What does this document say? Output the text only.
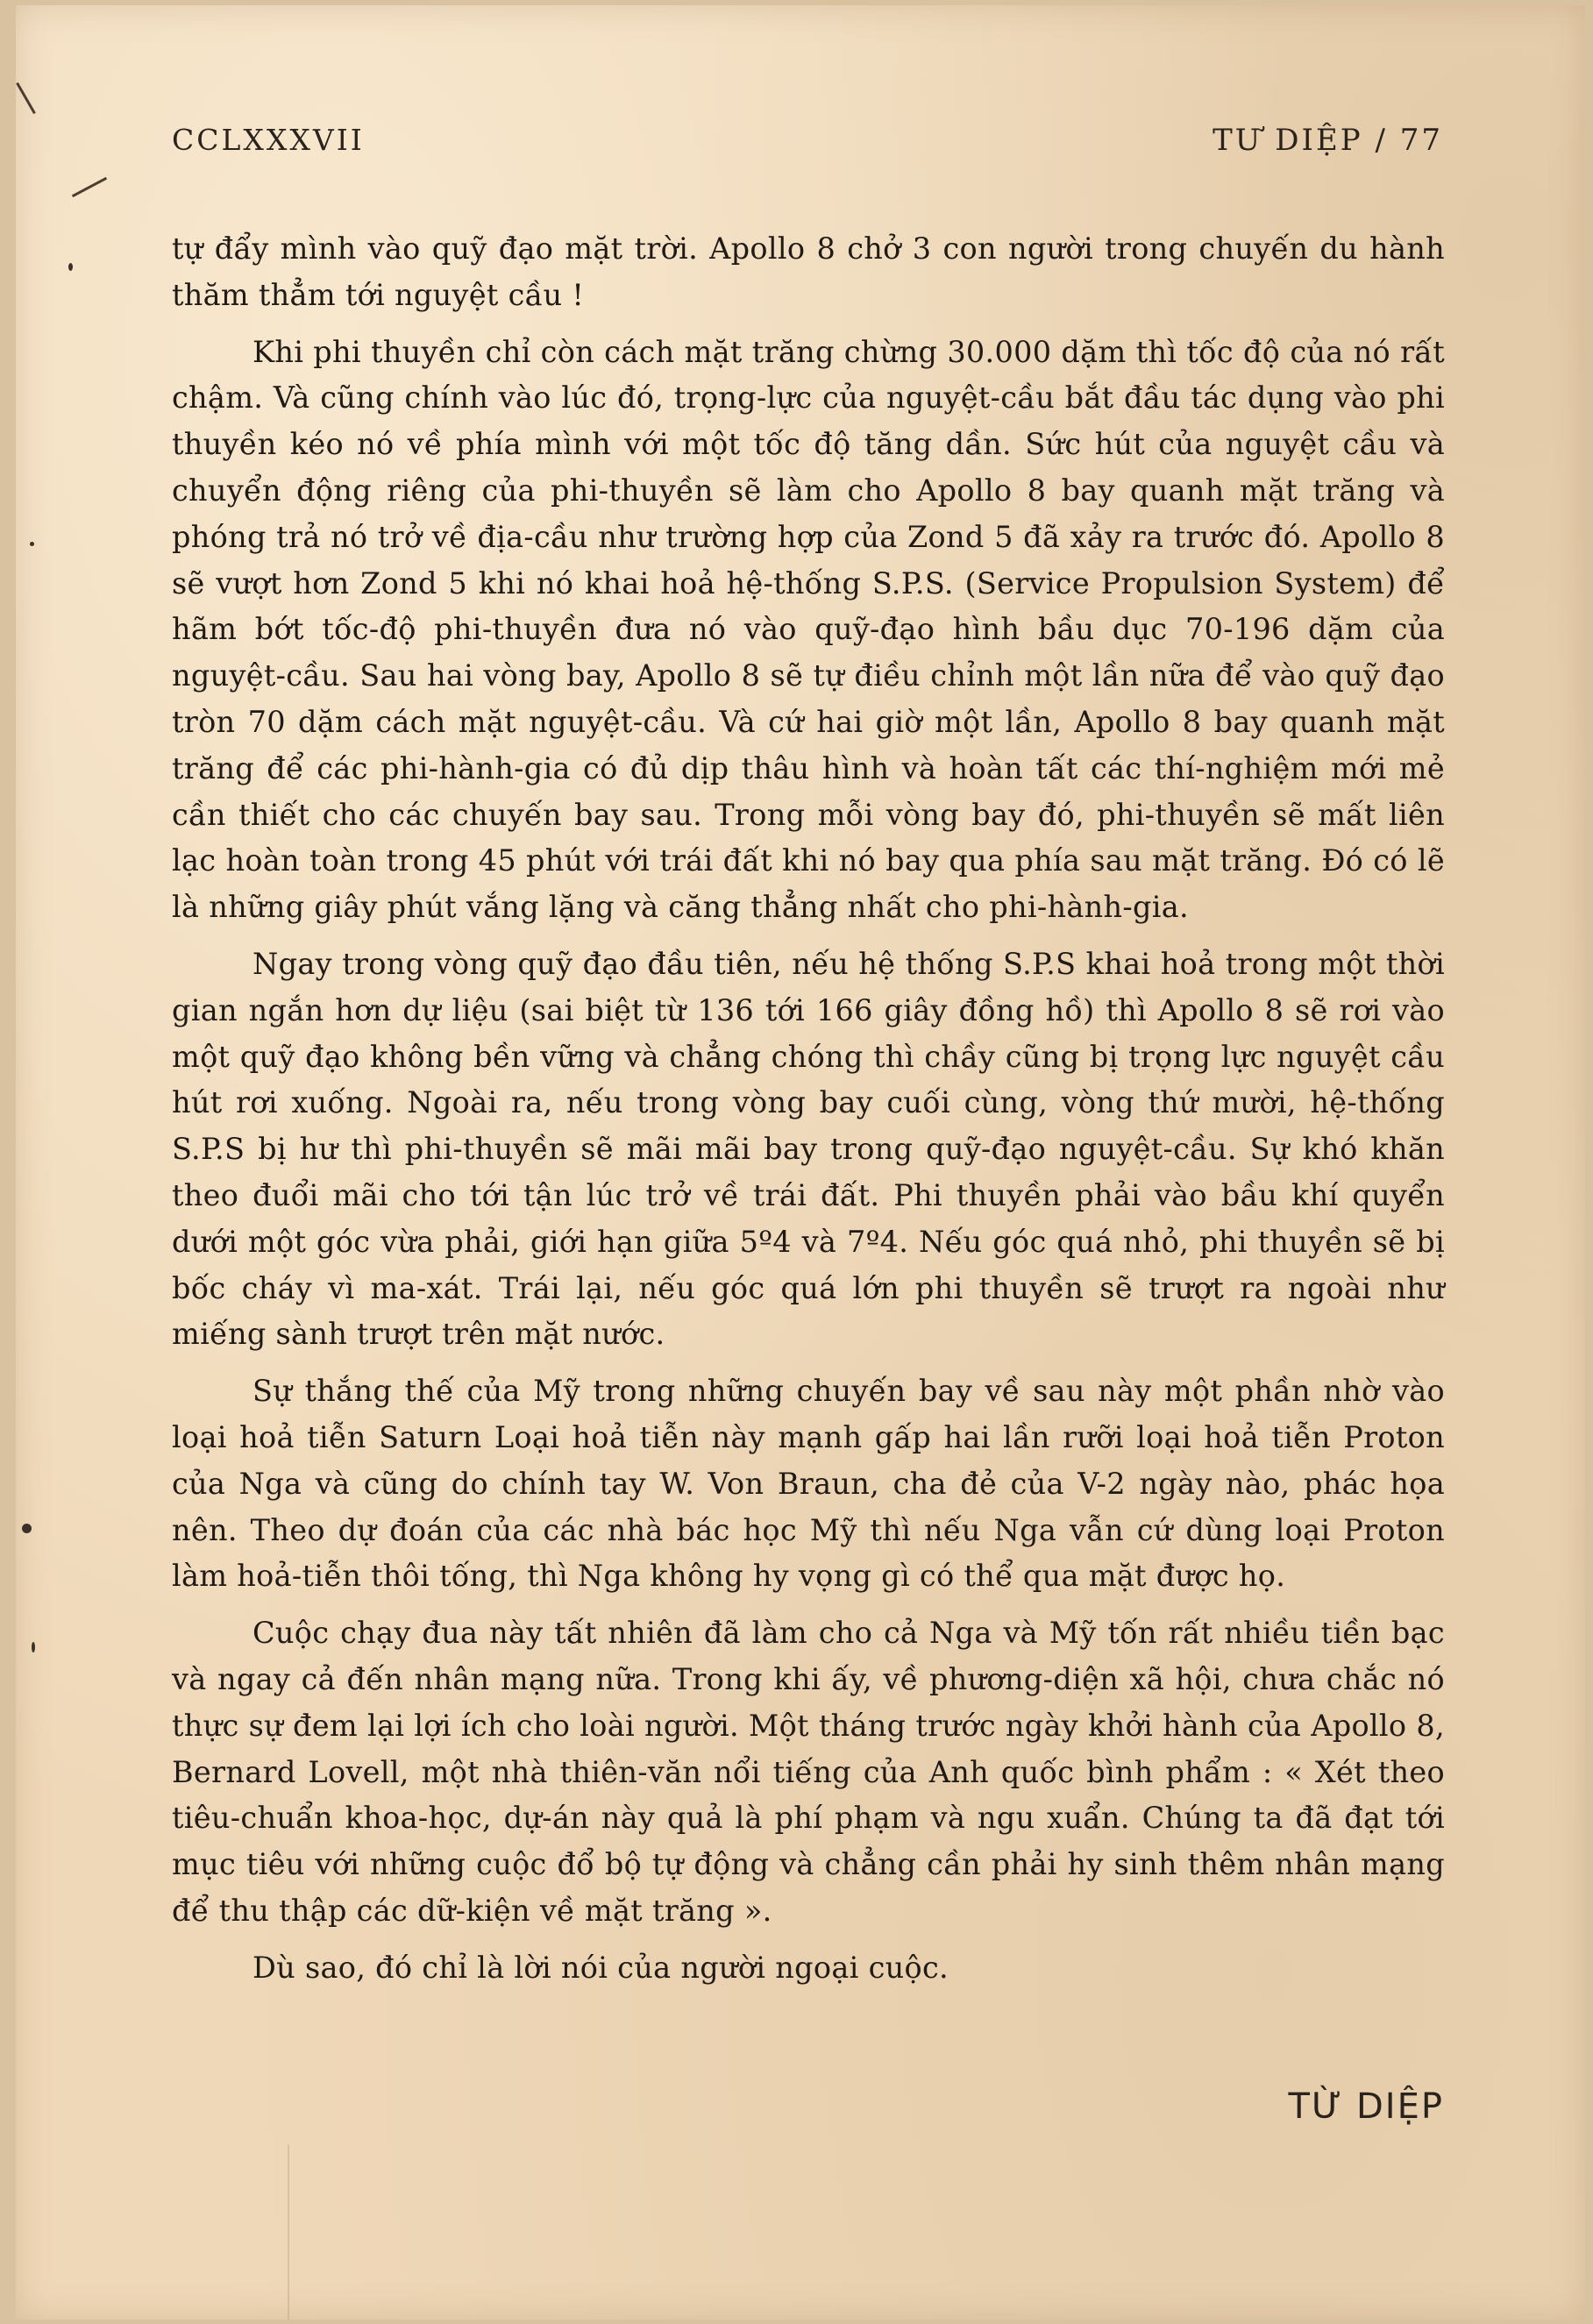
CCLXXXVII	TƯ DIỆP / 77

tự đẩy mình vào quỹ đạo mặt trời. Apollo 8 chở 3 con người trong chuyến du hành thăm thẳm tới nguyệt cầu !

Khi phi thuyền chỉ còn cách mặt trăng chừng 30.000 dặm thì tốc độ của nó rất chậm. Và cũng chính vào lúc đó, trọng-lực của nguyệt-cầu bắt đầu tác dụng vào phi thuyền kéo nó về phía mình với một tốc độ tăng dần. Sức hút của nguyệt cầu và chuyển động riêng của phi-thuyền sẽ làm cho Apollo 8 bay quanh mặt trăng và phóng trả nó trở về địa-cầu như trường hợp của Zond 5 đã xảy ra trước đó. Apollo 8 sẽ vượt hơn Zond 5 khi nó khai hoả hệ-thống S.P.S. (Service Propulsion System) để hãm bớt tốc-độ phi-thuyền đưa nó vào quỹ-đạo hình bầu dục 70-196 dặm của nguyệt-cầu. Sau hai vòng bay, Apollo 8 sẽ tự điều chỉnh một lần nữa để vào quỹ đạo tròn 70 dặm cách mặt nguyệt-cầu. Và cứ hai giờ một lần, Apollo 8 bay quanh mặt trăng để các phi-hành-gia có đủ dịp thâu hình và hoàn tất các thí-nghiệm mới mẻ cần thiết cho các chuyến bay sau. Trong mỗi vòng bay đó, phi-thuyền sẽ mất liên lạc hoàn toàn trong 45 phút với trái đất khi nó bay qua phía sau mặt trăng. Đó có lẽ là những giây phút vắng lặng và căng thẳng nhất cho phi-hành-gia.

Ngay trong vòng quỹ đạo đầu tiên, nếu hệ thống S.P.S khai hoả trong một thời gian ngắn hơn dự liệu (sai biệt từ 136 tới 166 giây đồng hồ) thì Apollo 8 sẽ rơi vào một quỹ đạo không bền vững và chẳng chóng thì chầy cũng bị trọng lực nguyệt cầu hút rơi xuống. Ngoài ra, nếu trong vòng bay cuối cùng, vòng thứ mười, hệ-thống S.P.S bị hư thì phi-thuyền sẽ mãi mãi bay trong quỹ-đạo nguyệt-cầu. Sự khó khăn theo đuổi mãi cho tới tận lúc trở về trái đất. Phi thuyền phải vào bầu khí quyển dưới một góc vừa phải, giới hạn giữa 5º4 và 7º4. Nếu góc quá nhỏ, phi thuyền sẽ bị bốc cháy vì ma-xát. Trái lại, nếu góc quá lớn phi thuyền sẽ trượt ra ngoài như miếng sành trượt trên mặt nước.

Sự thắng thế của Mỹ trong những chuyến bay về sau này một phần nhờ vào loại hoả tiễn Saturn Loại hoả tiễn này mạnh gấp hai lần rưỡi loại hoả tiễn Proton của Nga và cũng do chính tay W. Von Braun, cha đẻ của V-2 ngày nào, phác họa nên. Theo dự đoán của các nhà bác học Mỹ thì nếu Nga vẫn cứ dùng loại Proton làm hoả-tiễn thôi tống, thì Nga không hy vọng gì có thể qua mặt được họ.

Cuộc chạy đua này tất nhiên đã làm cho cả Nga và Mỹ tốn rất nhiều tiền bạc và ngay cả đến nhân mạng nữa. Trong khi ấy, về phương-diện xã hội, chưa chắc nó thực sự đem lại lợi ích cho loài người. Một tháng trước ngày khởi hành của Apollo 8, Bernard Lovell, một nhà thiên-văn nổi tiếng của Anh quốc bình phẩm : « Xét theo tiêu-chuẩn khoa-học, dự-án này quả là phí phạm và ngu xuẩn. Chúng ta đã đạt tới mục tiêu với những cuộc đổ bộ tự động và chẳng cần phải hy sinh thêm nhân mạng để thu thập các dữ-kiện về mặt trăng ».

Dù sao, đó chỉ là lời nói của người ngoại cuộc.

TỪ DIỆP
